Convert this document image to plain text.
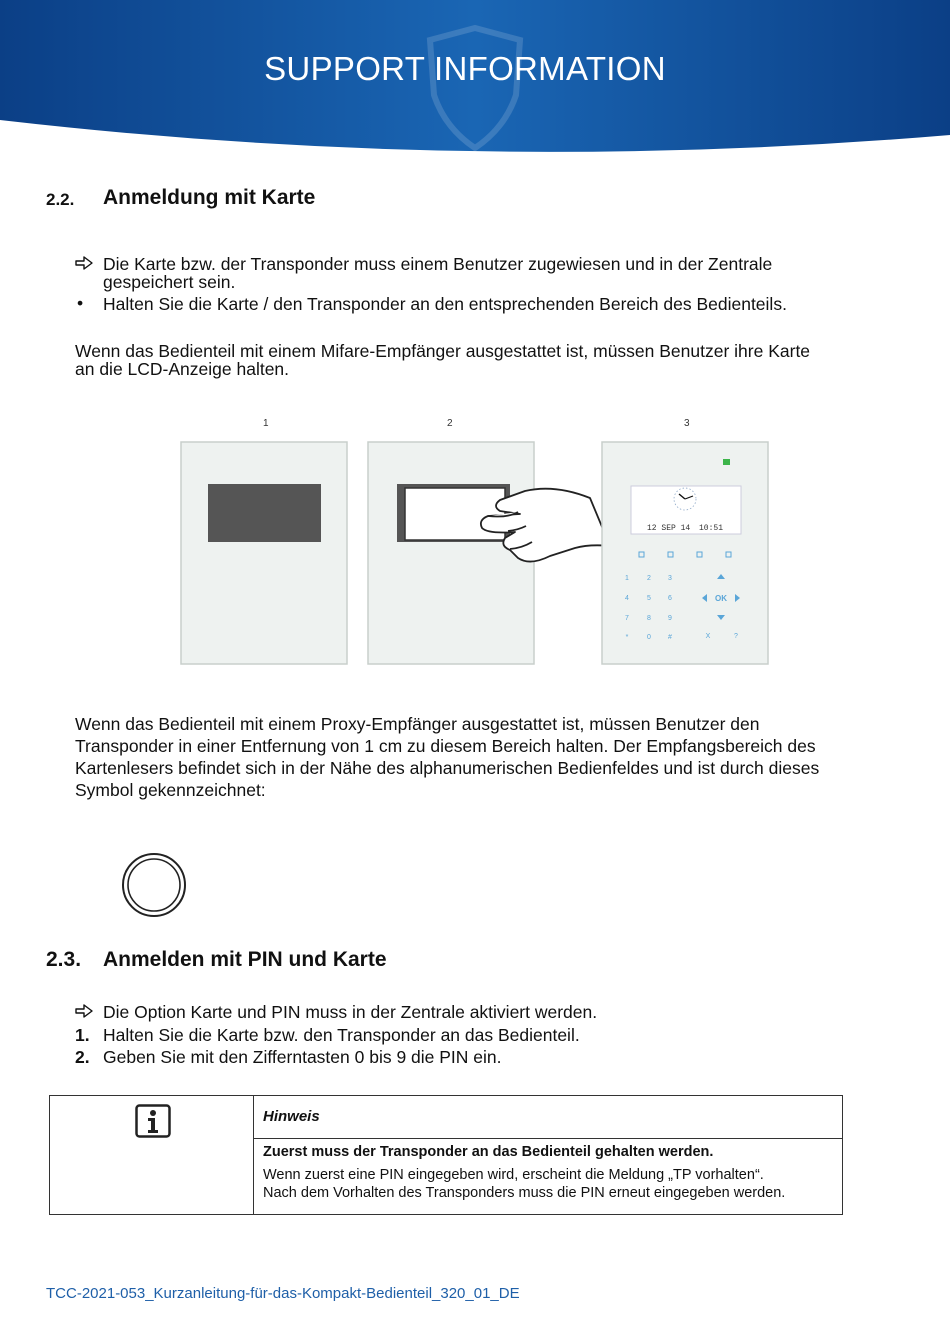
SUPPORT INFORMATION
2.2. Anmeldung mit Karte
Die Karte bzw. der Transponder muss einem Benutzer zugewiesen und in der Zentrale
gespeichert sein.
• Halten Sie die Karte / den Transponder an den entsprechenden Bereich des Bedienteils.
Wenn das Bedienteil mit einem Mifare-Empfänger ausgestattet ist, müssen Benutzer ihre Karte
an die LCD-Anzeige halten.
1	2	3
12 SEP 14 10:51
1	2 3
4	5 6
7	8 9
*	0 #
OK
X	?
Wenn das Bedienteil mit einem Proxy-Empfänger ausgestattet ist, müssen Benutzer den
Transponder in einer Entfernung von 1 cm zu diesem Bereich halten. Der Empfangsbereich des
Kartenlesers befindet sich in der Nähe des alphanumerischen Bedienfeldes und ist durch dieses
Symbol gekennzeichnet:
2.3. Anmelden mit PIN und Karte
Die Option Karte und PIN muss in der Zentrale aktiviert werden.
1. Halten Sie die Karte bzw. den Transponder an das Bedienteil.
2. Geben Sie mit den Zifferntasten 0 bis 9 die PIN ein.
Hinweis
Zuerst muss der Transponder an das Bedienteil gehalten werden.
Wenn zuerst eine PIN eingegeben wird, erscheint die Meldung „TP vorhalten“.
Nach dem Vorhalten des Transponders muss die PIN erneut eingegeben werden.
TCC-2021-053_Kurzanleitung-für-das-Kompakt-Bedienteil_320_01_DE
